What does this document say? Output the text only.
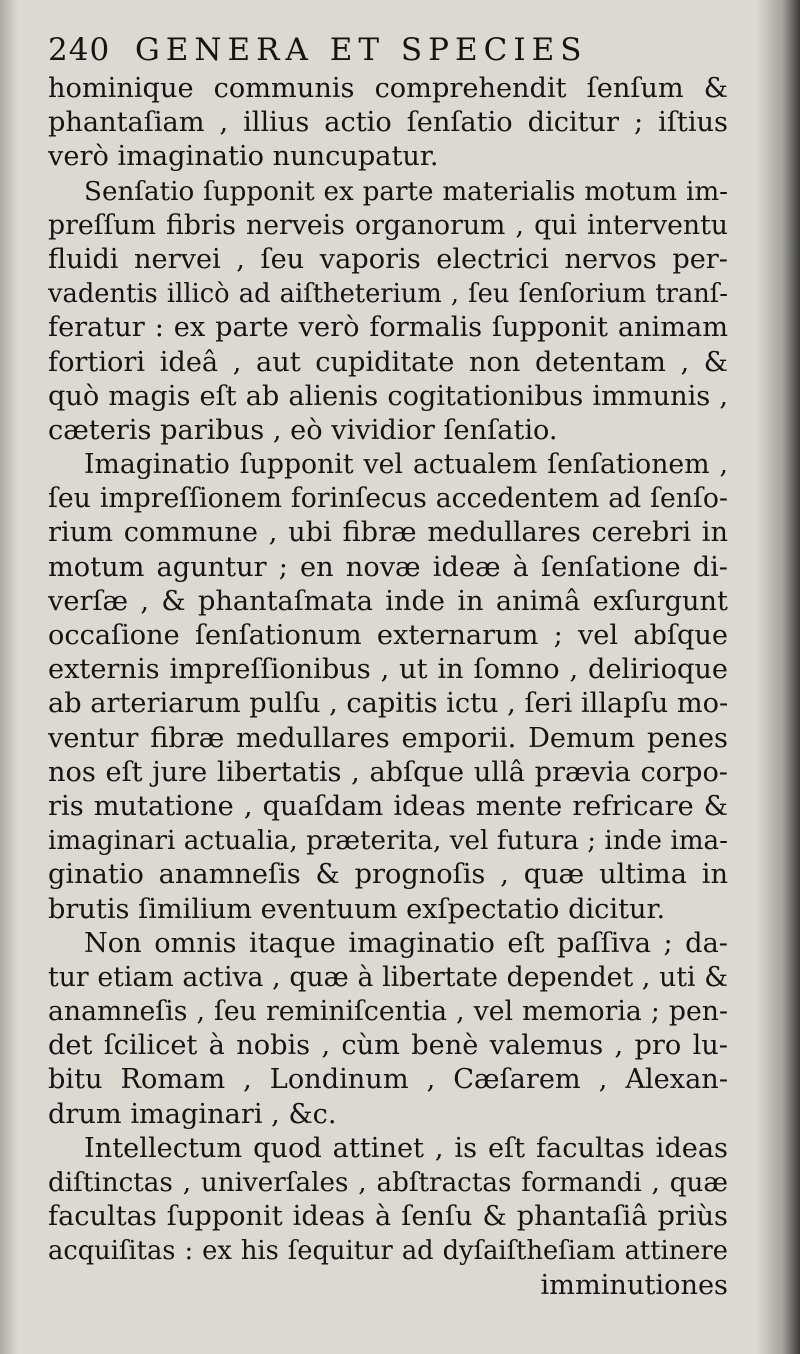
240 GENERA ET SPECIES
hominique communis comprehendit ſenſum &
phantaſiam , illius actio ſenſatio dicitur ; iſtius
verò imaginatio nuncupatur.
Senſatio ſupponit ex parte materialis motum im-
preſſum fibris nerveis organorum , qui interventu
fluidi nervei , ſeu vaporis electrici nervos per-
vadentis illicò ad aiſtheterium , ſeu ſenſorium tranſ-
feratur : ex parte verò formalis ſupponit animam
fortiori ideâ , aut cupiditate non detentam , &
quò magis eſt ab alienis cogitationibus immunis ,
cæteris paribus , eò vividior ſenſatio.
Imaginatio ſupponit vel actualem ſenſationem ,
ſeu impreſſionem forinſecus accedentem ad ſenſo-
rium commune , ubi fibræ medullares cerebri in
motum aguntur ; en novæ ideæ à ſenſatione di-
verſæ , & phantaſmata inde in animâ exſurgunt
occaſione ſenſationum externarum ; vel abſque
externis impreſſionibus , ut in ſomno , delirioque
ab arteriarum pulſu , capitis ictu , ſeri illapſu mo-
ventur fibræ medullares emporii. Demum penes
nos eſt jure libertatis , abſque ullâ prævia corpo-
ris mutatione , quaſdam ideas mente refricare &
imaginari actualia, præterita, vel futura ; inde ima-
ginatio anamneſis & prognoſis , quæ ultima in
brutis ſimilium eventuum exſpectatio dicitur.
Non omnis itaque imaginatio eſt paſſiva ; da-
tur etiam activa , quæ à libertate dependet , uti &
anamneſis , ſeu reminiſcentia , vel memoria ; pen-
det ſcilicet à nobis , cùm benè valemus , pro lu-
bitu Romam , Londinum , Cæſarem , Alexan-
drum imaginari , &c.
Intellectum quod attinet , is eſt facultas ideas
diſtinctas , univerſales , abſtractas formandi , quæ
facultas ſupponit ideas à ſenſu & phantaſiâ priùs
acquiſitas : ex his ſequitur ad dyſaiſtheſiam attinere
imminutiones
